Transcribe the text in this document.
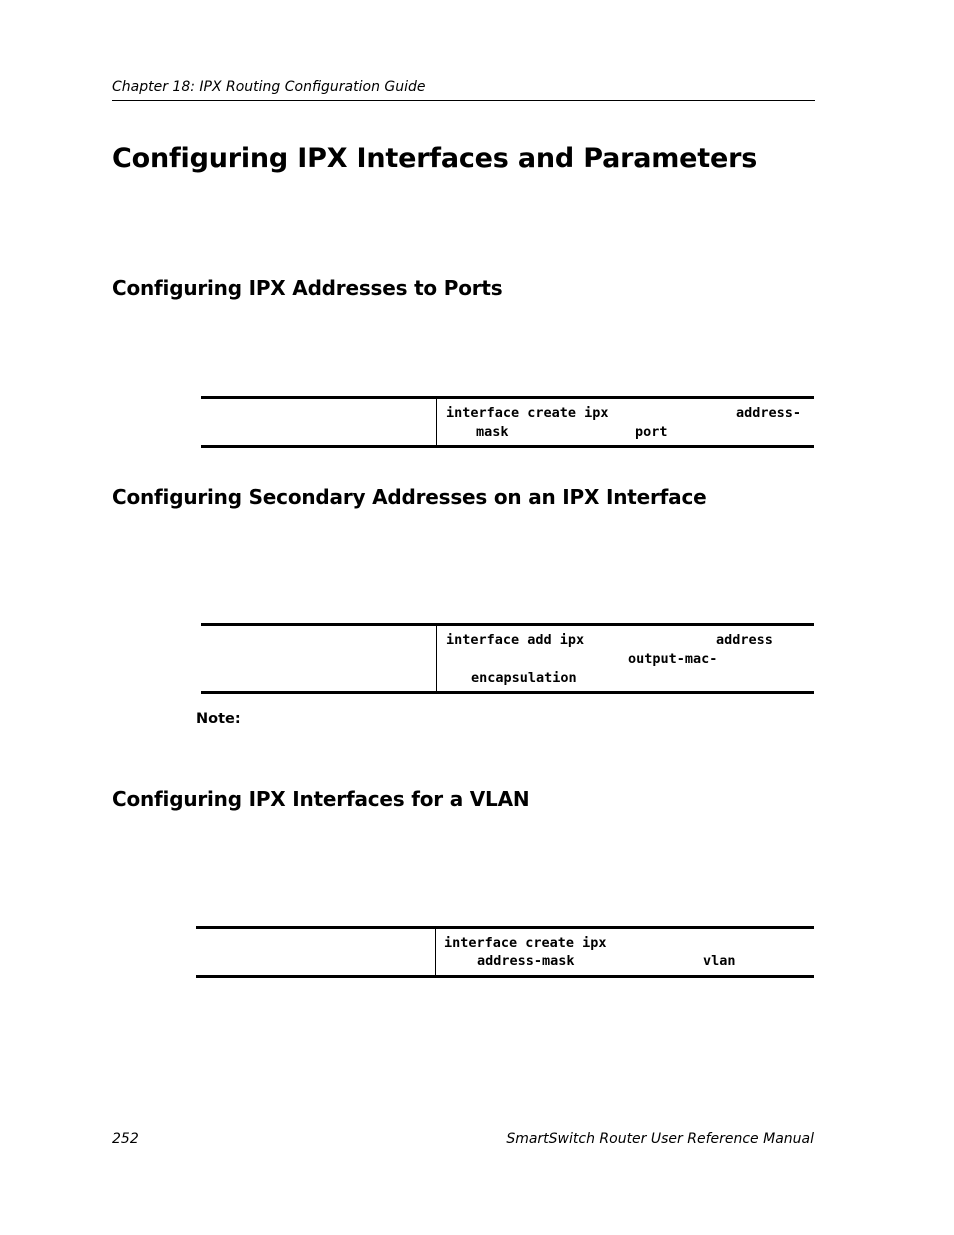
Chapter 18: IPX Routing Configuration Guide
Configuring IPX Interfaces and Parameters
Configuring IPX Addresses to Ports
interface create ipx	address-
mask	port
Configuring Secondary Addresses on an IPX Interface
interface add ipx	address
output-mac-
encapsulation
Note:
Configuring IPX Interfaces for a VLAN
interface create ipx
address-mask	vlan
252	SmartSwitch Router User Reference Manual
